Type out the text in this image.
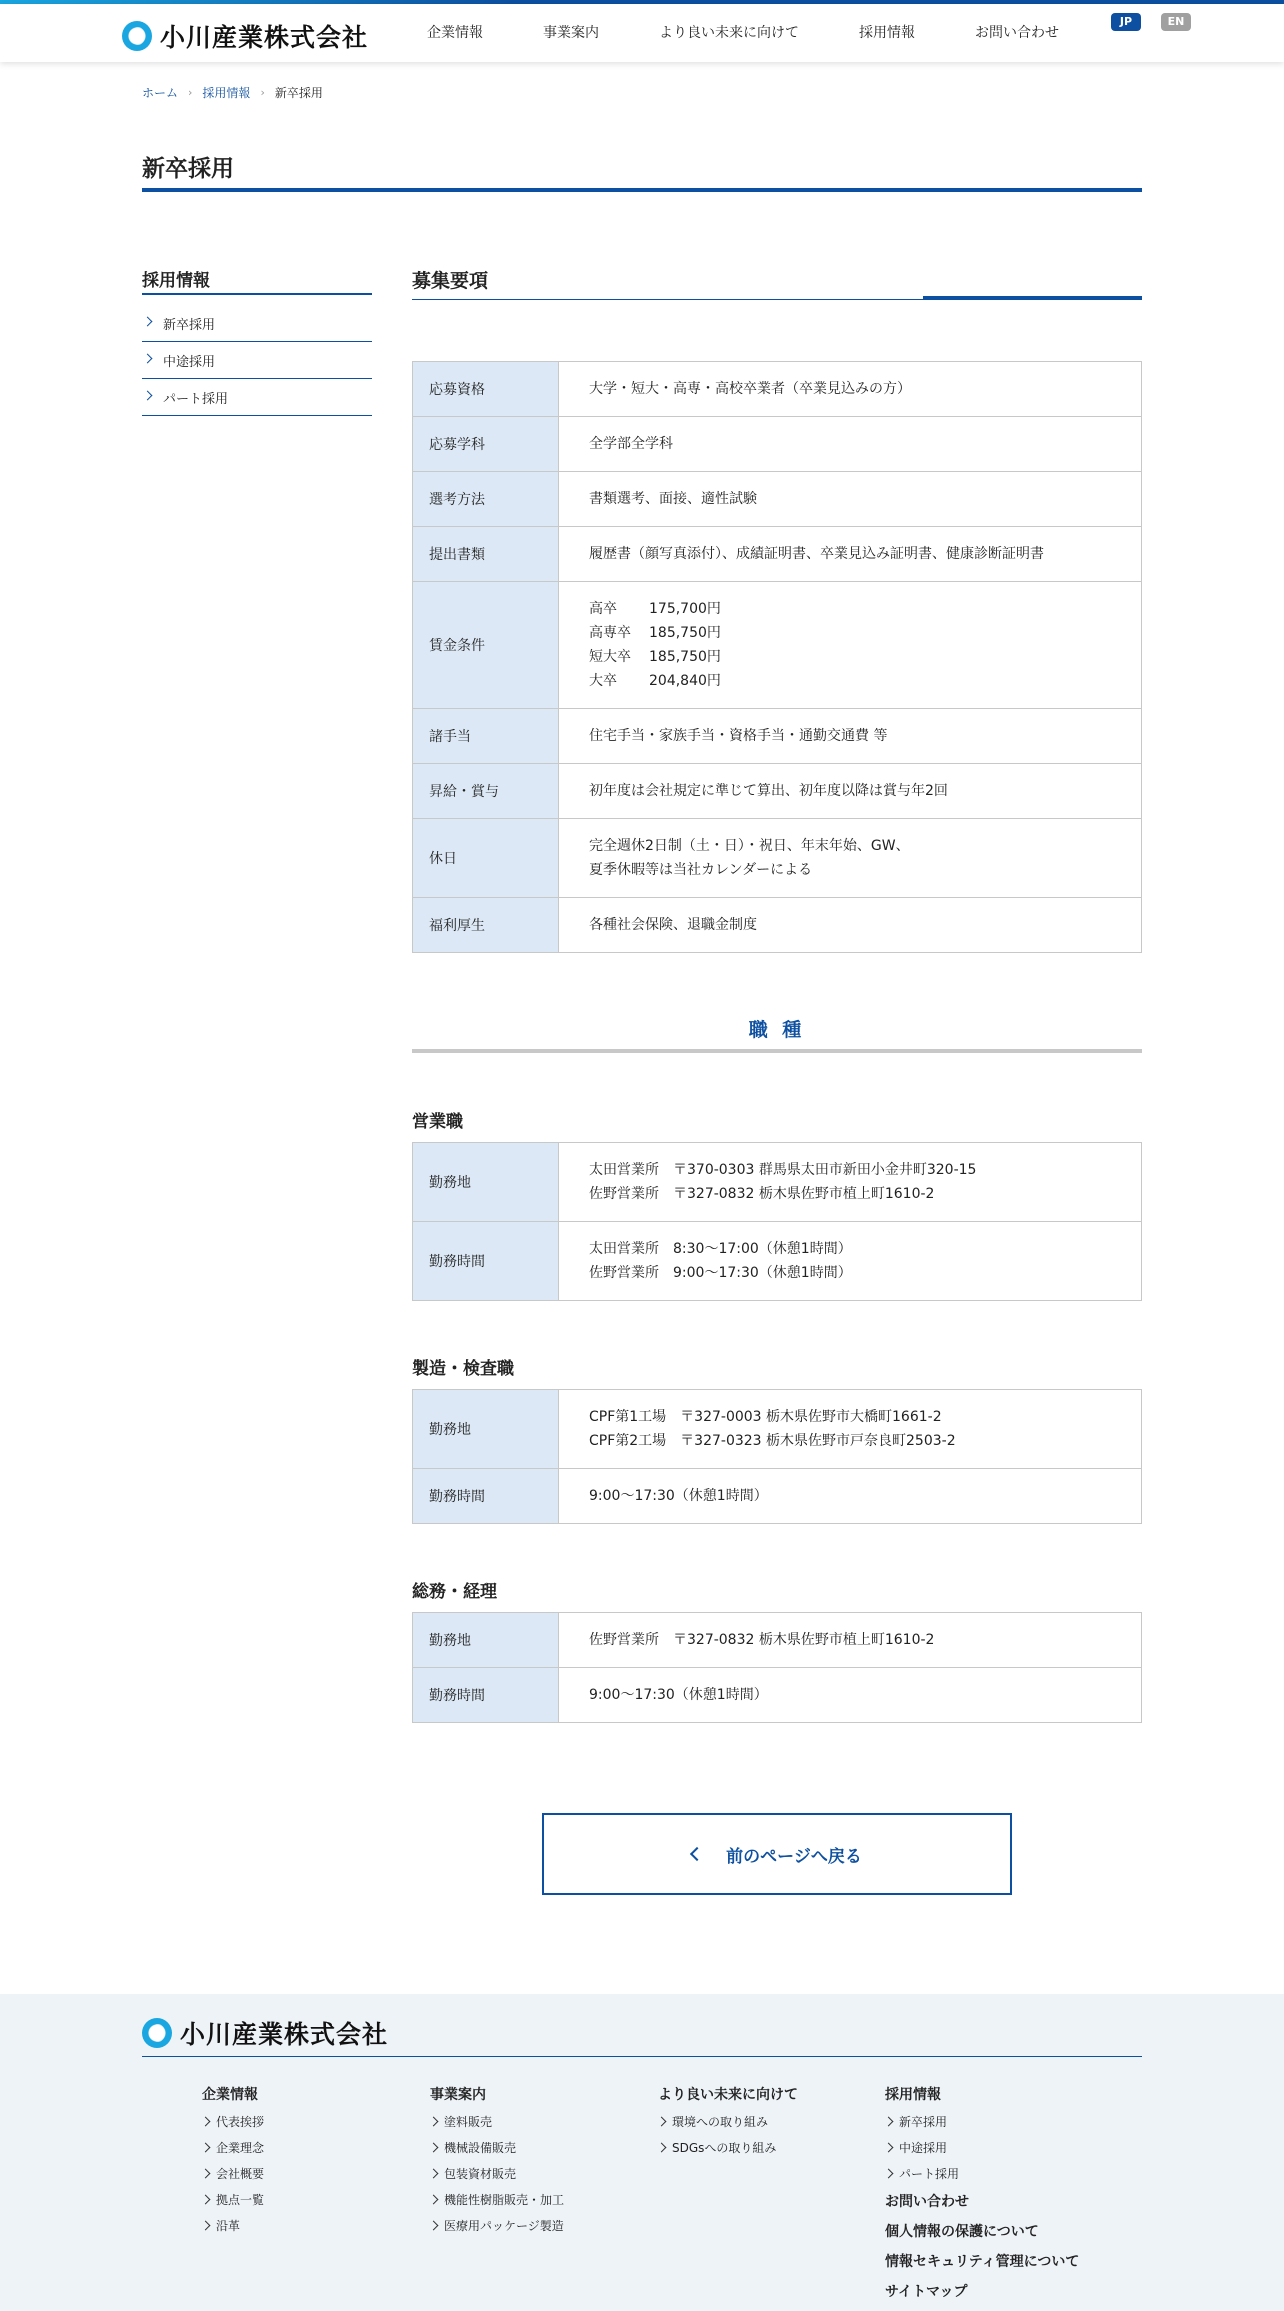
小川産業株式会社	企業情報	事業案内	より良い未来に向けて	採用情報	お問い合わせ
JP	EN
ホーム › 採用情報 › 新卒採用
新卒採用
採用情報
新卒採用
中途採用
パート採用
募集要項
応募資格	大学・短大・高専・高校卒業者（卒業見込みの方）
応募学科	全学部全学科
選考方法	書類選考、面接、適性試験
提出書類	履歴書（顔写真添付）、成績証明書、卒業見込み証明書、健康診断証明書
賃金条件	高卒 175,700円
高専卒 185,750円
短大卒 185,750円
大卒 204,840円

諸手当	住宅手当・家族手当・資格手当・通勤交通費 等
昇給・賞与	初年度は会社規定に準じて算出、初年度以降は賞与年2回
休日	完全週休2日制（土・日）・祝日、年末年始、GW、
夏季休暇等は当社カレンダーによる

福利厚生	各種社会保険、退職金制度
職 種
営業職
勤務地	太田営業所　〒370-0303 群馬県太田市新田小金井町320-15
佐野営業所　〒327-0832 栃木県佐野市植上町1610-2

勤務時間	太田営業所　8:30〜17:00（休憩1時間）
佐野営業所　9:00〜17:30（休憩1時間）
製造・検査職
勤務地	CPF第1工場　〒327-0003 栃木県佐野市大橋町1661-2
CPF第2工場　〒327-0323 栃木県佐野市戸奈良町2503-2

勤務時間	9:00〜17:30（休憩1時間）
総務・経理
勤務地	佐野営業所　〒327-0832 栃木県佐野市植上町1610-2
勤務時間	9:00〜17:30（休憩1時間）
前のページへ戻る
小川産業株式会社
企業情報
代表挨拶
企業理念
会社概要
拠点一覧
沿革
事業案内
塗料販売
機械設備販売
包装資材販売
機能性樹脂販売・加工
医療用パッケージ製造
より良い未来に向けて
環境への取り組み
SDGsへの取り組み
採用情報
新卒採用
中途採用
パート採用
お問い合わせ
個人情報の保護について
情報セキュリティ管理について
サイトマップ
